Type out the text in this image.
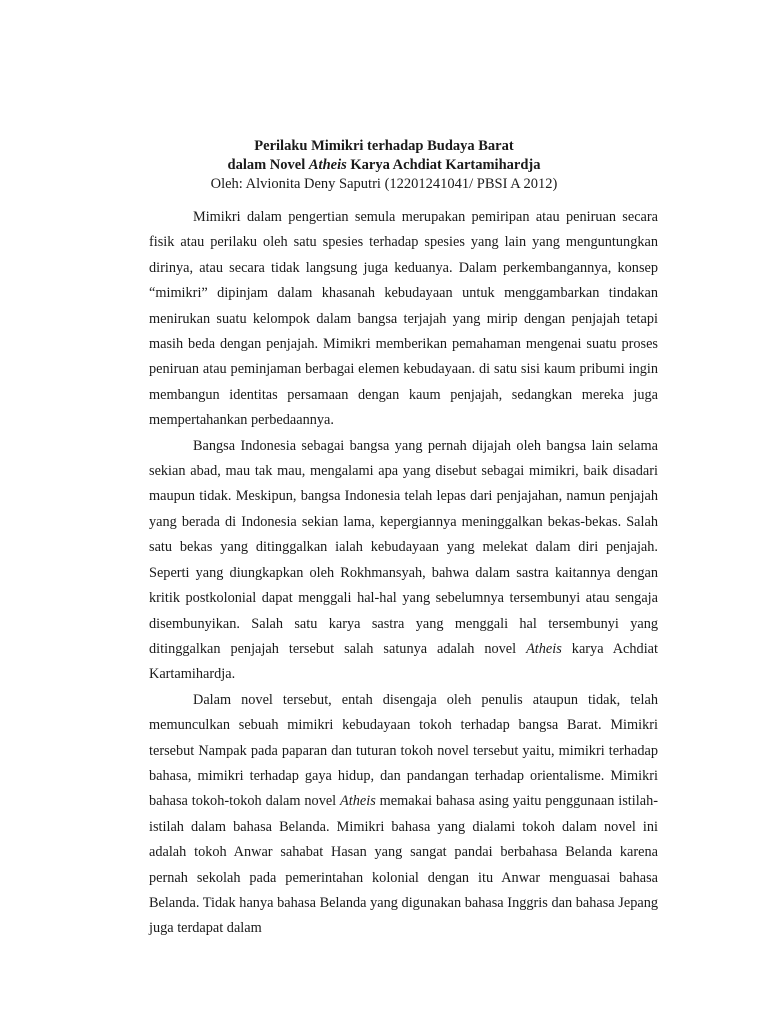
Perilaku Mimikri terhadap Budaya Barat
dalam Novel Atheis Karya Achdiat Kartamihardja
Oleh: Alvionita Deny Saputri (12201241041/ PBSI A 2012)

Mimikri dalam pengertian semula merupakan pemiripan atau peniruan secara fisik atau perilaku oleh satu spesies terhadap spesies yang lain yang menguntungkan dirinya, atau secara tidak langsung juga keduanya. Dalam perkembangannya, konsep “mimikri” dipinjam dalam khasanah kebudayaan untuk menggambarkan tindakan menirukan suatu kelompok dalam bangsa terjajah yang mirip dengan penjajah tetapi masih beda dengan penjajah. Mimikri memberikan pemahaman mengenai suatu proses peniruan atau peminjaman berbagai elemen kebudayaan. di satu sisi kaum pribumi ingin membangun identitas persamaan dengan kaum penjajah, sedangkan mereka juga mempertahankan perbedaannya.

Bangsa Indonesia sebagai bangsa yang pernah dijajah oleh bangsa lain selama sekian abad, mau tak mau, mengalami apa yang disebut sebagai mimikri, baik disadari maupun tidak. Meskipun, bangsa Indonesia telah lepas dari penjajahan, namun penjajah yang berada di Indonesia sekian lama, kepergiannya meninggalkan bekas-bekas. Salah satu bekas yang ditinggalkan ialah kebudayaan yang melekat dalam diri penjajah. Seperti yang diungkapkan oleh Rokhmansyah, bahwa dalam sastra kaitannya dengan kritik postkolonial dapat menggali hal-hal yang sebelumnya tersembunyi atau sengaja disembunyikan. Salah satu karya sastra yang menggali hal tersembunyi yang ditinggalkan penjajah tersebut salah satunya adalah novel Atheis karya Achdiat Kartamihardja.

Dalam novel tersebut, entah disengaja oleh penulis ataupun tidak, telah memunculkan sebuah mimikri kebudayaan tokoh terhadap bangsa Barat. Mimikri tersebut Nampak pada paparan dan tuturan tokoh novel tersebut yaitu, mimikri terhadap bahasa, mimikri terhadap gaya hidup, dan pandangan terhadap orientalisme. Mimikri bahasa tokoh-tokoh dalam novel Atheis memakai bahasa asing yaitu penggunaan istilah-istilah dalam bahasa Belanda. Mimikri bahasa yang dialami tokoh dalam novel ini adalah tokoh Anwar sahabat Hasan yang sangat pandai berbahasa Belanda karena pernah sekolah pada pemerintahan kolonial dengan itu Anwar menguasai bahasa Belanda. Tidak hanya bahasa Belanda yang digunakan bahasa Inggris dan bahasa Jepang juga terdapat dalam
